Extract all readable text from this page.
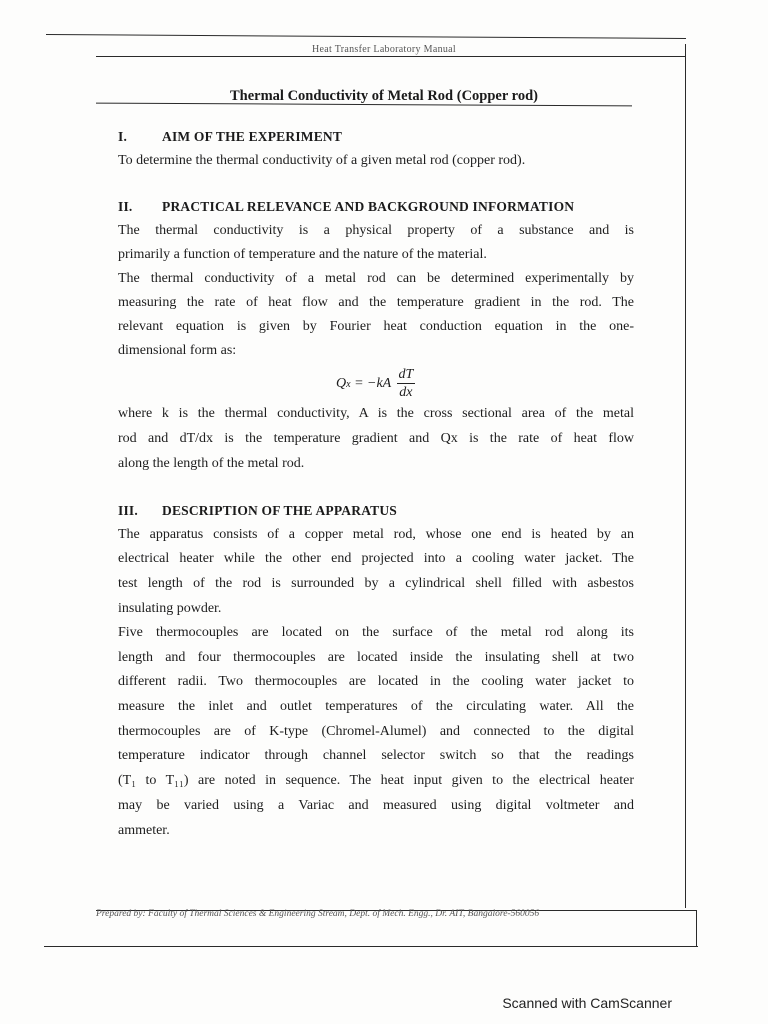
Heat Transfer Laboratory Manual
Thermal Conductivity of Metal Rod (Copper rod)
I.	AIM OF THE EXPERIMENT
To determine the thermal conductivity of a given metal rod (copper rod).
II. PRACTICAL RELEVANCE AND BACKGROUND INFORMATION
The thermal conductivity is a physical property of a substance and is
primarily a function of temperature and the nature of the material.
The thermal conductivity of a metal rod can be determined experimentally by
measuring the rate of heat flow and the temperature gradient in the rod. The
relevant equation is given by Fourier heat conduction equation in the one-
dimensional form as:
Q $x = -kA \frac{dT}{dx}$
where k is the thermal conductivity, A is the cross sectional area of the metal
rod and dT/dx is the temperature gradient and Qx is the rate of heat flow
along the length of the metal rod.
III. DESCRIPTION OF THE APPARATUS
The apparatus consists of a copper metal rod, whose one end is heated by an
electrical heater while the other end projected into a cooling water jacket. The
test length of the rod is surrounded by a cylindrical shell filled with asbestos
insulating powder.
Five thermocouples are located on the surface of the metal rod along its
length and four thermocouples are located inside the insulating shell at two
different radii. Two thermocouples are located in the cooling water jacket to
measure the inlet and outlet temperatures of the circulating water. All the
thermocouples are of K-type (Chromel-Alumel) and connected to the digital
temperature indicator through channel selector switch so that the readings
(T₁ to T₁₁) are noted in sequence. The heat input given to the electrical heater
may be varied using a Variac and measured using digital voltmeter and
ammeter.
Prepared by: Faculty of Thermal Sciences & Engineering Stream, Dept. of Mech. Engg., Dr. AIT, Bangalore-560056
Scanned with CamScanner
